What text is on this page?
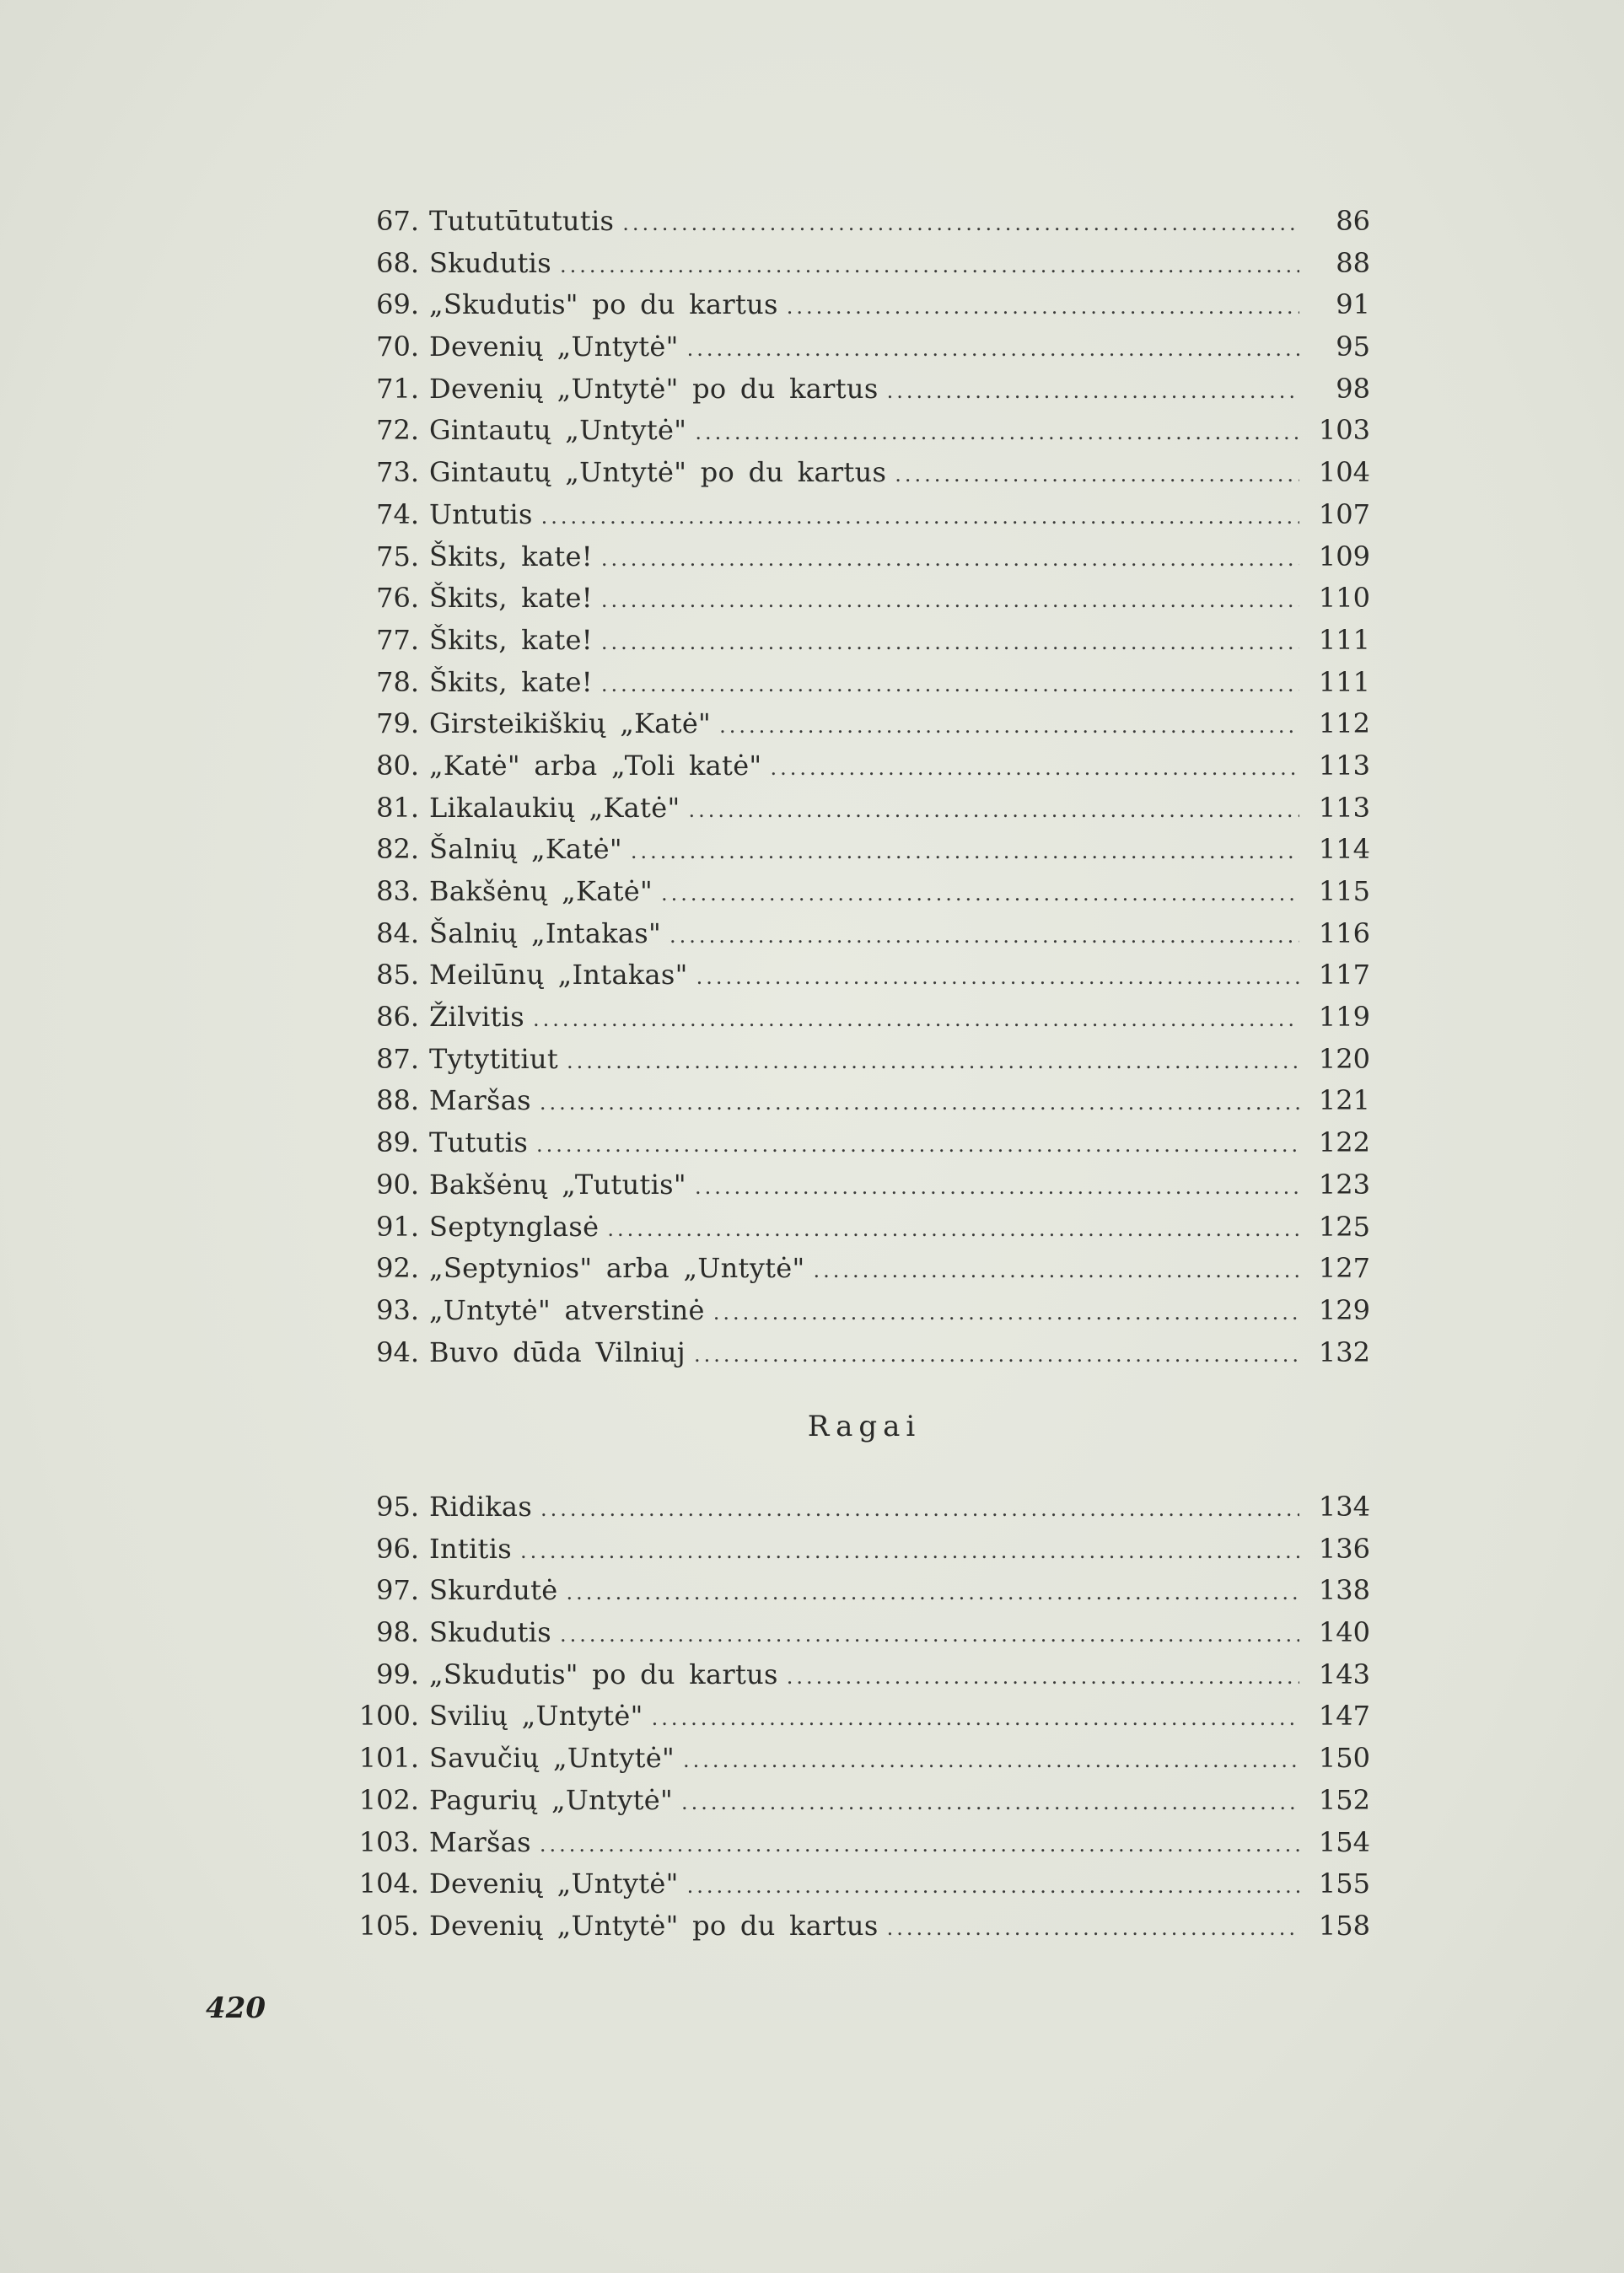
67. Tututūtututis .....	86
68. Skudutis .....	88
69. „Skudutis" po du kartus .....	91
70. Devenių „Untytė" .....	95
71. Devenių „Untytė" po du kartus .....	98
72. Gintautų „Untytė" .....	103
73. Gintautų „Untytė" po du kartus .....	104
74. Untutis .....	107
75. Škits, kate! .....	109
76. Škits, kate! .....	110
77. Škits, kate! .....	111
78. Škits, kate! .....	111
79. Girsteikiškių „Katė" .....	112
80. „Katė" arba „Toli katė" .....	113
81. Likalaukių „Katė" .....	113
82. Šalnių „Katė" .....	114
83. Bakšėnų „Katė" .....	115
84. Šalnių „Intakas" .....	116
85. Meilūnų „Intakas" .....	117
86. Žilvitis .....	119
87. Tytytitiut .....	120
88. Maršas .....	121
89. Tututis .....	122
90. Bakšėnų „Tututis" .....	123
91. Septynglasė .....	125
92. „Septynios" arba „Untytė" .....	127
93. „Untytė" atverstinė .....	129
94. Buvo dūda Vilniuj .....	132
Ragai
95. Ridikas .....	134
96. Intitis .....	136
97. Skurdutė .....	138
98. Skudutis .....	140
99. „Skudutis" po du kartus .....	143
100. Svilių „Untytė" .....	147
101. Savučių „Untytė" .....	150
102. Pagurių „Untytė" .....	152
103. Maršas .....	154
104. Devenių „Untytė" .....	155
105. Devenių „Untytė" po du kartus .....	158
420
